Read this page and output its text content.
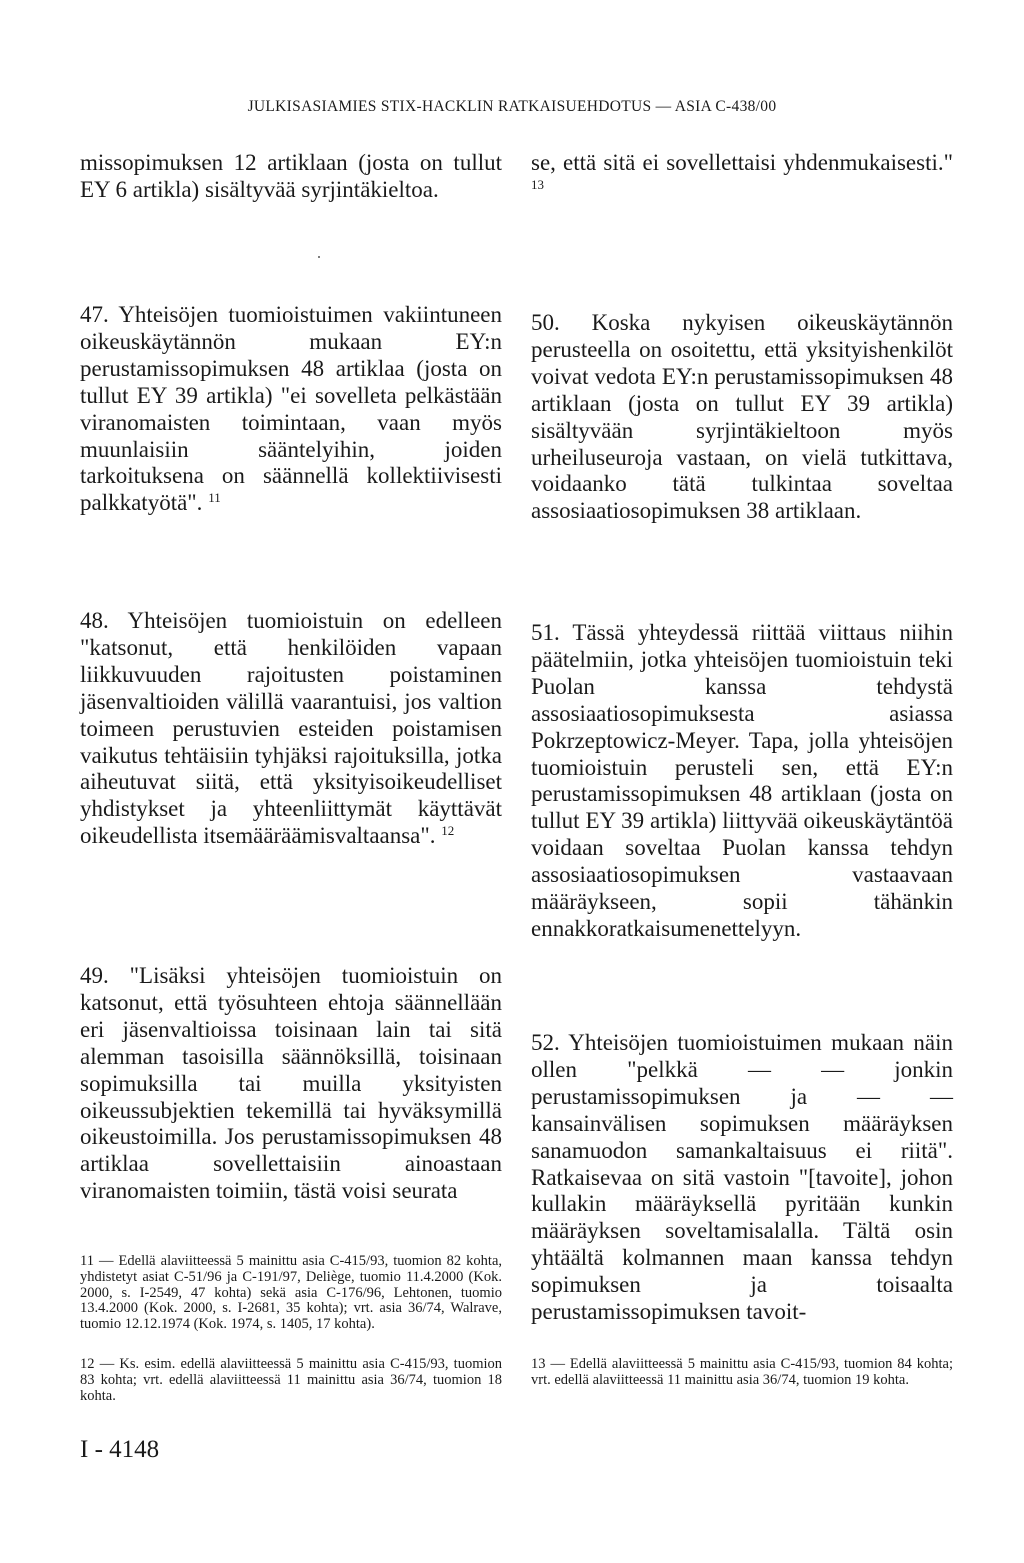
JULKISASIAMIES STIX-HACKLIN RATKAISUEHDOTUS — ASIA C-438/00

missopimuksen 12 artiklaan (josta on tullut EY 6 artikla) sisältyvää syrjintäkieltoa.

47. Yhteisöjen tuomioistuimen vakiintuneen oikeuskäytännön mukaan EY:n perustamissopimuksen 48 artiklaa (josta on tullut EY 39 artikla) "ei sovelleta pelkästään viranomaisten toimintaan, vaan myös muunlaisiin sääntelyihin, joiden tarkoituksena on säännellä kollektiivisesti palkkatyötä". $^{11}$

48. Yhteisöjen tuomioistuin on edelleen "katsonut, että henkilöiden vapaan liikkuvuuden rajoitusten poistaminen jäsenvaltioiden välillä vaarantuisi, jos valtion toimeen perustuvien esteiden poistamisen vaikutus tehtäisiin tyhjäksi rajoituksilla, jotka aiheutuvat siitä, että yksityisoikeudelliset yhdistykset ja yhteenliittymät käyttävät oikeudellista itsemääräämisvaltaansa". $^{12}$

49. "Lisäksi yhteisöjen tuomioistuin on katsonut, että työsuhteen ehtoja säännellään eri jäsenvaltioissa toisinaan lain tai sitä alemman tasoisilla säännöksillä, toisinaan sopimuksilla tai muilla yksityisten oikeussubjektien tekemillä tai hyväksymillä oikeustoimilla. Jos perustamissopimuksen 48 artiklaa sovellettaisiin ainoastaan viranomaisten toimiin, tästä voisi seurata

11 — Edellä alaviitteessä 5 mainittu asia C-415/93, tuomion 82 kohta, yhdistetyt asiat C-51/96 ja C-191/97, Deliège, tuomio 11.4.2000 (Kok. 2000, s. I-2549, 47 kohta) sekä asia C-176/96, Lehtonen, tuomio 13.4.2000 (Kok. 2000, s. I-2681, 35 kohta); vrt. asia 36/74, Walrave, tuomio 12.12.1974 (Kok. 1974, s. 1405, 17 kohta).
12 — Ks. esim. edellä alaviitteessä 5 mainittu asia C-415/93, tuomion 83 kohta; vrt. edellä alaviitteessä 11 mainittu asia 36/74, tuomion 18 kohta.
I - 4148

se, että sitä ei sovellettaisi yhdenmukaisesti." $^{13}$

50. Koska nykyisen oikeuskäytännön perusteella on osoitettu, että yksityishenkilöt voivat vedota EY:n perustamissopimuksen 48 artiklaan (josta on tullut EY 39 artikla) sisältyvään syrjintäkieltoon myös urheiluseuroja vastaan, on vielä tutkittava, voidaanko tätä tulkintaa soveltaa assosiaatiosopimuksen 38 artiklaan.

51. Tässä yhteydessä riittää viittaus niihin päätelmiin, jotka yhteisöjen tuomioistuin teki Puolan kanssa tehdystä assosiaatiosopimuksesta asiassa Pokrzeptowicz-Meyer. Tapa, jolla yhteisöjen tuomioistuin perusteli sen, että EY:n perustamissopimuksen 48 artiklaan (josta on tullut EY 39 artikla) liittyvää oikeuskäytäntöä voidaan soveltaa Puolan kanssa tehdyn assosiaatiosopimuksen vastaavaan määräykseen, sopii tähänkin ennakkoratkaisumenettelyyn.

52. Yhteisöjen tuomioistuimen mukaan näin ollen "pelkkä — — jonkin perustamissopimuksen ja — — kansainvälisen sopimuksen määräyksen sanamuodon samankaltaisuus ei riitä". Ratkaisevaa on sitä vastoin "[tavoite], johon kullakin määräyksellä pyritään kunkin määräyksen soveltamisalalla. Tältä osin yhtäältä kolmannen maan kanssa tehdyn sopimuksen ja toisaalta perustamissopimuksen tavoit-

13 — Edellä alaviitteessä 5 mainittu asia C-415/93, tuomion 84 kohta; vrt. edellä alaviitteessä 11 mainittu asia 36/74, tuomion 19 kohta.
